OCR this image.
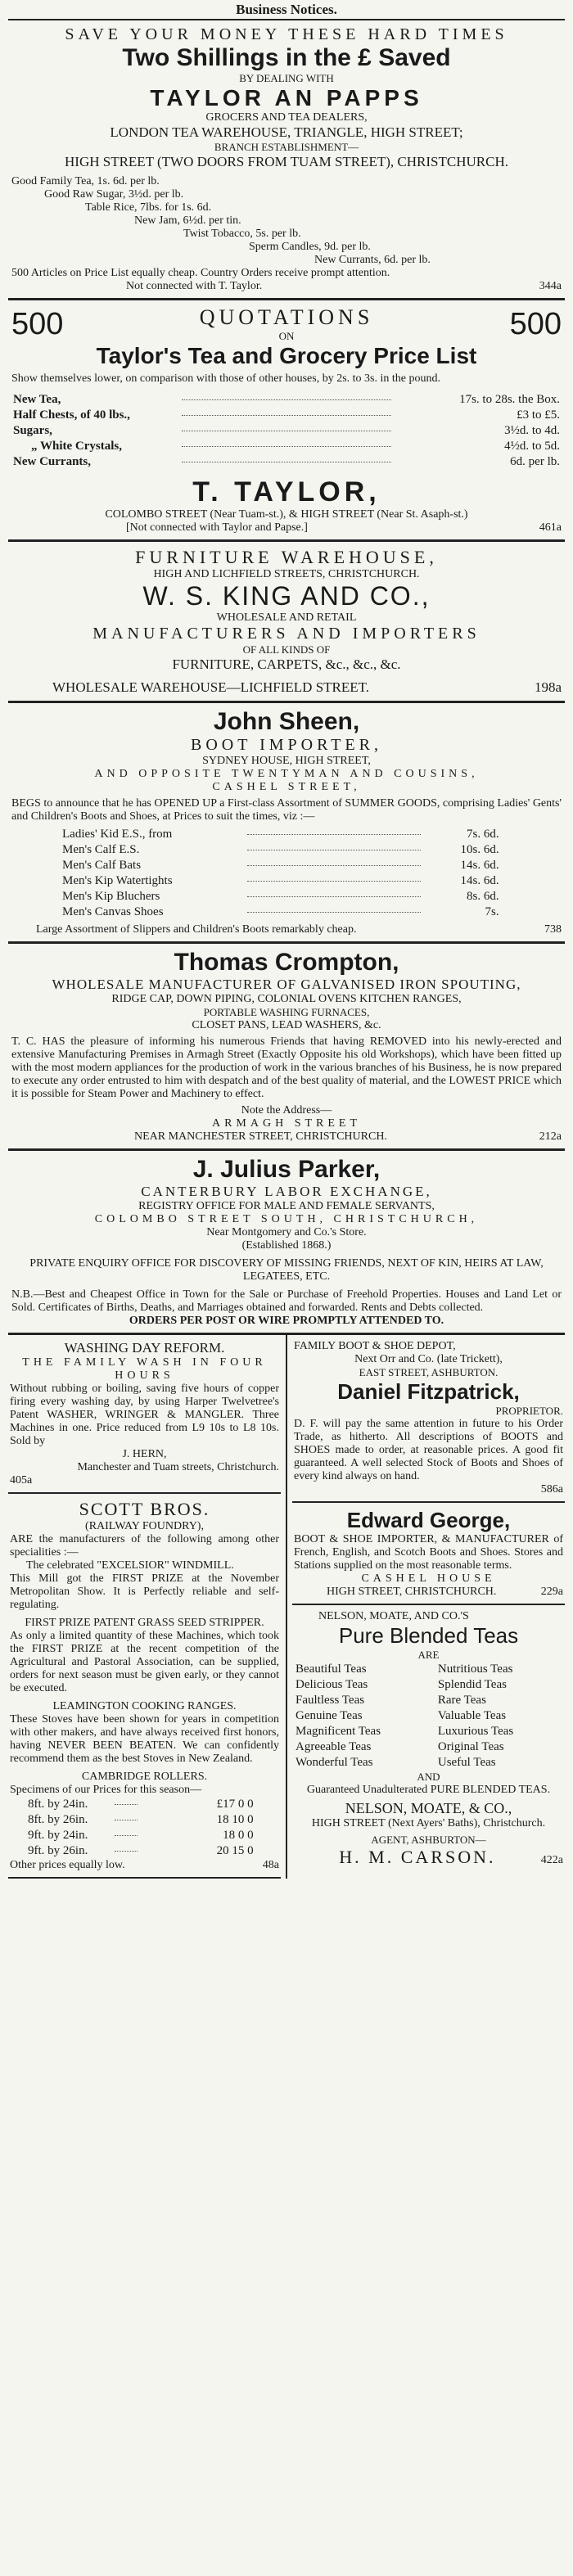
Business Notices.
SAVE YOUR MONEY THESE HARD TIMES
Two Shillings in the £ Saved
BY DEALING WITH
TAYLOR AN PAPPS
GROCERS AND TEA DEALERS,
LONDON TEA WAREHOUSE, TRIANGLE, HIGH STREET;
BRANCH ESTABLISHMENT—
HIGH STREET (TWO DOORS FROM TUAM STREET), CHRISTCHURCH.
Good Family Tea, 1s. 6d. per lb.
Good Raw Sugar, 3½d. per lb.
Table Rice, 7lbs. for 1s. 6d.
New Jam, 6½d. per tin.
Twist Tobacco, 5s. per lb.
Sperm Candles, 9d. per lb.
New Currants, 6d. per lb.
500 Articles on Price List equally cheap. Country Orders receive prompt attention.
Not connected with T. Taylor.	344a
500	QUOTATIONS
ON	500
Taylor's Tea and Grocery Price List
Show themselves lower, on comparison with those of other houses, by 2s. to 3s. in the pound.
New Tea,		17s. to 28s. the Box.
Half Chests, of 40 lbs.,		£3 to £5.
Sugars,		3½d. to 4d.
„ White Crystals,		4½d. to 5d.
New Currants,		6d. per lb.
T. TAYLOR,
COLOMBO STREET (Near Tuam-st.), & HIGH STREET (Near St. Asaph-st.)
[Not connected with Taylor and Papse.]	461a
FURNITURE WAREHOUSE,
HIGH AND LICHFIELD STREETS, CHRISTCHURCH.
W. S. KING AND CO.,
WHOLESALE AND RETAIL
MANUFACTURERS AND IMPORTERS
OF ALL KINDS OF
FURNITURE, CARPETS, &c., &c., &c.
WHOLESALE WAREHOUSE—LICHFIELD STREET.	198a
John Sheen,
BOOT IMPORTER,
SYDNEY HOUSE, HIGH STREET,
AND OPPOSITE TWENTYMAN AND COUSINS,
CASHEL STREET,
BEGS to announce that he has OPENED UP a First-class Assortment of SUMMER GOODS, comprising Ladies' Gents' and Children's Boots and Shoes, at Prices to suit the times, viz :—
Ladies' Kid E.S., from		7s. 6d.
Men's Calf E.S.		10s. 6d.
Men's Calf Bats		14s. 6d.
Men's Kip Watertights		14s. 6d.
Men's Kip Bluchers		8s. 6d.
Men's Canvas Shoes		7s.
Large Assortment of Slippers and Children's Boots remarkably cheap.	738
Thomas Crompton,
WHOLESALE MANUFACTURER OF GALVANISED IRON SPOUTING,
RIDGE CAP, DOWN PIPING, COLONIAL OVENS KITCHEN RANGES,
PORTABLE WASHING FURNACES,
CLOSET PANS, LEAD WASHERS, &c.
T. C. HAS the pleasure of informing his numerous Friends that having REMOVED into his newly-erected and extensive Manufacturing Premises in Armagh Street (Exactly Opposite his old Workshops), which have been fitted up with the most modern appliances for the production of work in the various branches of his Business, he is now prepared to execute any order entrusted to him with despatch and of the best quality of material, and the LOWEST PRICE which it is possible for Steam Power and Machinery to effect.
Note the Address—
ARMAGH STREET
NEAR MANCHESTER STREET, CHRISTCHURCH.	212a
J. Julius Parker,
CANTERBURY LABOR EXCHANGE,
REGISTRY OFFICE FOR MALE AND FEMALE SERVANTS,
COLOMBO STREET SOUTH, CHRISTCHURCH,
Near Montgomery and Co.'s Store.
(Established 1868.)
PRIVATE ENQUIRY OFFICE FOR DISCOVERY OF MISSING FRIENDS, NEXT OF KIN, HEIRS AT LAW, LEGATEES, ETC.
N.B.—Best and Cheapest Office in Town for the Sale or Purchase of Freehold Properties. Houses and Land Let or Sold. Certificates of Births, Deaths, and Marriages obtained and forwarded. Rents and Debts collected.
ORDERS PER POST OR WIRE PROMPTLY ATTENDED TO.
WASHING DAY REFORM.
THE FAMILY WASH IN FOUR HOURS
Without rubbing or boiling, saving five hours of copper firing every washing day, by using Harper Twelvetree's Patent WASHER, WRINGER & MANGLER. Three Machines in one. Price reduced from L9 10s to L8 10s. Sold by
J. HERN,
Manchester and Tuam streets, Christchurch.
405a
SCOTT BROS.
(RAILWAY FOUNDRY),
ARE the manufacturers of the following among other specialities :—
The celebrated "EXCELSIOR" WINDMILL.
This Mill got the FIRST PRIZE at the November Metropolitan Show. It is Perfectly reliable and self-regulating.
FIRST PRIZE PATENT GRASS SEED STRIPPER.
As only a limited quantity of these Machines, which took the FIRST PRIZE at the recent competition of the Agricultural and Pastoral Association, can be supplied, orders for next season must be given early, or they cannot be executed.
LEAMINGTON COOKING RANGES.
These Stoves have been shown for years in competition with other makers, and have always received first honors, having NEVER BEEN BEATEN. We can confidently recommend them as the best Stoves in New Zealand.
CAMBRIDGE ROLLERS.
Specimens of our Prices for this season—
8ft. by 24in.		£17 0 0
8ft. by 26in.		18 10 0
9ft. by 24in.		18 0 0
9ft. by 26in.		20 15 0
Other prices equally low.	48a
FAMILY BOOT & SHOE DEPOT,
Next Orr and Co. (late Trickett),
EAST STREET, ASHBURTON.
Daniel Fitzpatrick,
PROPRIETOR.
D. F. will pay the same attention in future to his Order Trade, as hitherto. All descriptions of BOOTS and SHOES made to order, at reasonable prices. A good fit guaranteed. A well selected Stock of Boots and Shoes of every kind always on hand.
586a
Edward George,
BOOT & SHOE IMPORTER, & MANUFACTURER of French, English, and Scotch Boots and Shoes. Stores and Stations supplied on the most reasonable terms.
CASHEL HOUSE
HIGH STREET, CHRISTCHURCH.	229a
NELSON, MOATE, AND CO.'S
Pure Blended Teas
ARE
Beautiful Teas	Nutritious Teas
Delicious Teas	Splendid Teas
Faultless Teas	Rare Teas
Genuine Teas	Valuable Teas
Magnificent Teas	Luxurious Teas
Agreeable Teas	Original Teas
Wonderful Teas	Useful Teas
AND
Guaranteed Unadulterated PURE BLENDED TEAS.
NELSON, MOATE, & CO.,
HIGH STREET (Next Ayers' Baths), Christchurch.
AGENT, ASHBURTON—
H. M. CARSON.	422a
